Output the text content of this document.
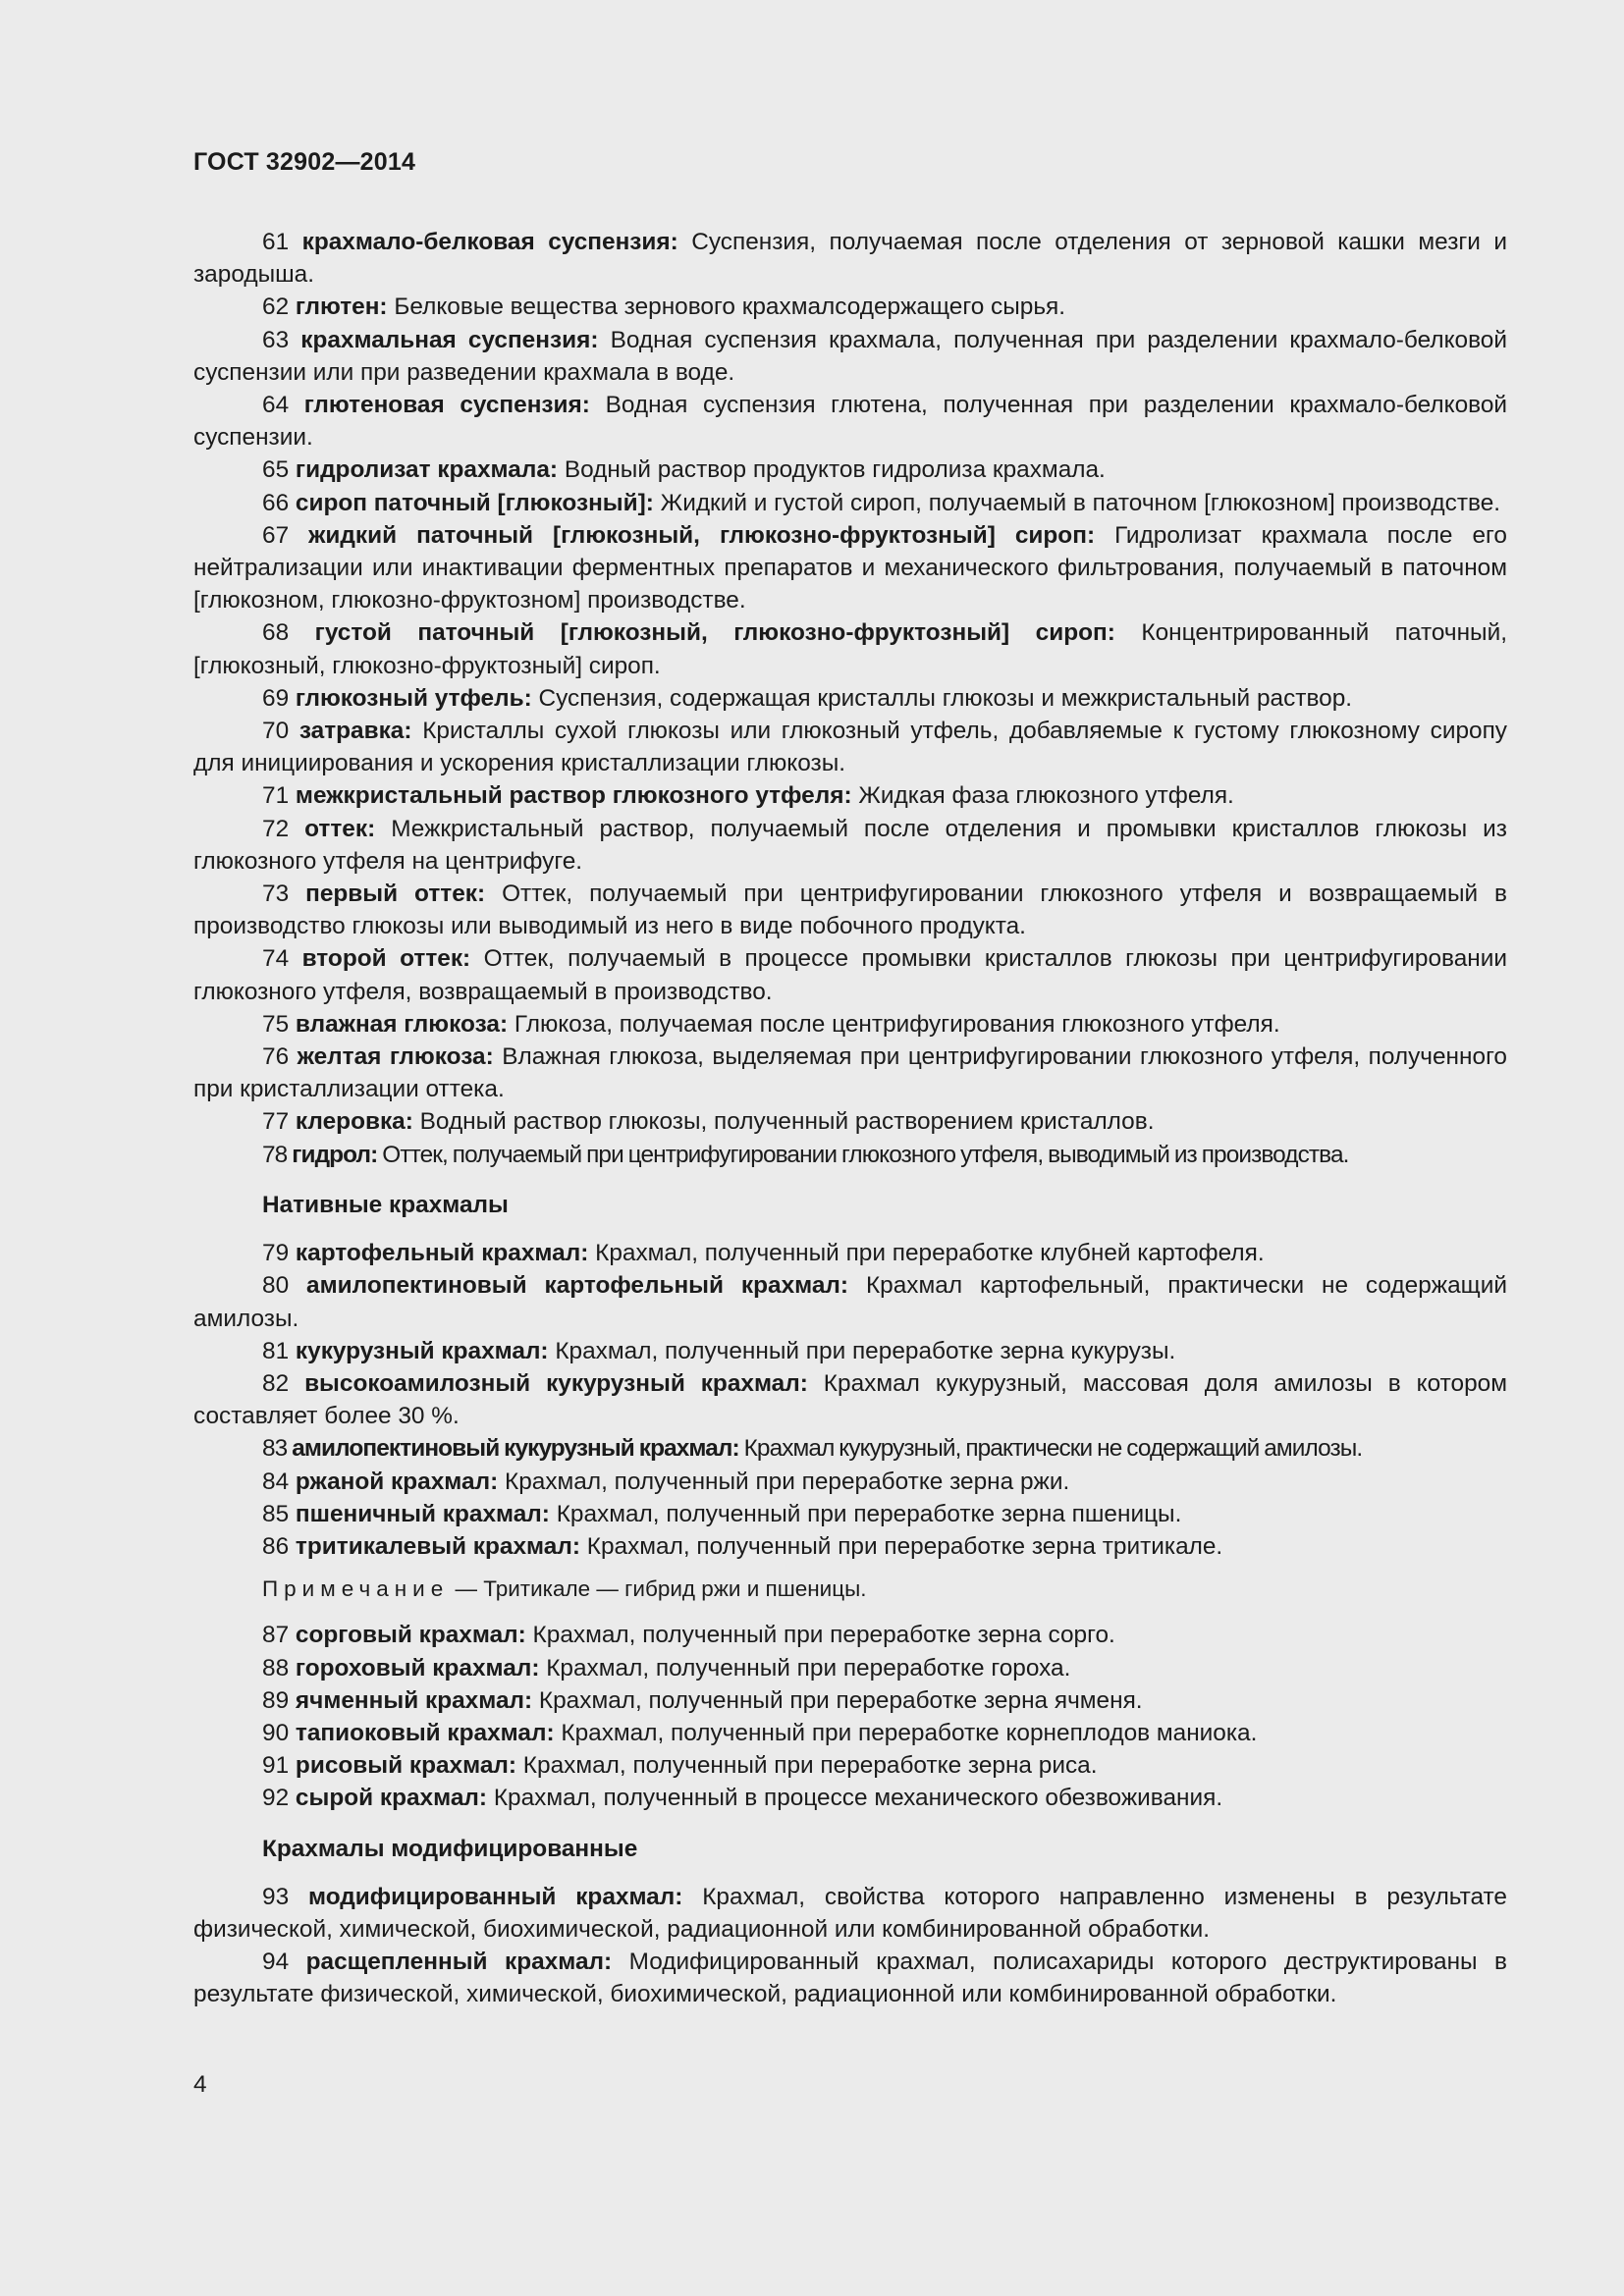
ГОСТ 32902—2014

61 крахмало-белковая суспензия: Суспензия, получаемая после отделения от зерновой кашки мезги и зародыша.

62 глютен: Белковые вещества зернового крахмалсодержащего сырья.

63 крахмальная суспензия: Водная суспензия крахмала, полученная при разделении крахмало-белковой суспензии или при разведении крахмала в воде.

64 глютеновая суспензия: Водная суспензия глютена, полученная при разделении крахмало-белковой суспензии.

65 гидролизат крахмала: Водный раствор продуктов гидролиза крахмала.

66 сироп паточный [глюкозный]: Жидкий и густой сироп, получаемый в паточном [глюкозном] производстве.

67 жидкий паточный [глюкозный, глюкозно-фруктозный] сироп: Гидролизат крахмала после его нейтрализации или инактивации ферментных препаратов и механического фильтрования, получаемый в паточном [глюкозном, глюкозно-фруктозном] производстве.

68 густой паточный [глюкозный, глюкозно-фруктозный] сироп: Концентрированный паточный, [глюкозный, глюкозно-фруктозный] сироп.

69 глюкозный утфель: Суспензия, содержащая кристаллы глюкозы и межкристальный раствор.

70 затравка: Кристаллы сухой глюкозы или глюкозный утфель, добавляемые к густому глюкозному сиропу для инициирования и ускорения кристаллизации глюкозы.

71 межкристальный раствор глюкозного утфеля: Жидкая фаза глюкозного утфеля.

72 оттек: Межкристальный раствор, получаемый после отделения и промывки кристаллов глюкозы из глюкозного утфеля на центрифуге.

73 первый оттек: Оттек, получаемый при центрифугировании глюкозного утфеля и возвращаемый в производство глюкозы или выводимый из него в виде побочного продукта.

74 второй оттек: Оттек, получаемый в процессе промывки кристаллов глюкозы при центрифугировании глюкозного утфеля, возвращаемый в производство.

75 влажная глюкоза: Глюкоза, получаемая после центрифугирования глюкозного утфеля.

76 желтая глюкоза: Влажная глюкоза, выделяемая при центрифугировании глюкозного утфеля, полученного при кристаллизации оттека.

77 клеровка: Водный раствор глюкозы, полученный растворением кристаллов.

78 гидрол: Оттек, получаемый при центрифугировании глюкозного утфеля, выводимый из производства.

Нативные крахмалы

79 картофельный крахмал: Крахмал, полученный при переработке клубней картофеля.

80 амилопектиновый картофельный крахмал: Крахмал картофельный, практически не содержащий амилозы.

81 кукурузный крахмал: Крахмал, полученный при переработке зерна кукурузы.

82 высокоамилозный кукурузный крахмал: Крахмал кукурузный, массовая доля амилозы в котором составляет более 30 %.

83 амилопектиновый кукурузный крахмал: Крахмал кукурузный, практически не содержащий амилозы.

84 ржаной крахмал: Крахмал, полученный при переработке зерна ржи.

85 пшеничный крахмал: Крахмал, полученный при переработке зерна пшеницы.

86 тритикалевый крахмал: Крахмал, полученный при переработке зерна тритикале.

Примечание — Тритикале — гибрид ржи и пшеницы.

87 сорговый крахмал: Крахмал, полученный при переработке зерна сорго.

88 гороховый крахмал: Крахмал, полученный при переработке гороха.

89 ячменный крахмал: Крахмал, полученный при переработке зерна ячменя.

90 тапиоковый крахмал: Крахмал, полученный при переработке корнеплодов маниока.

91 рисовый крахмал: Крахмал, полученный при переработке зерна риса.

92 сырой крахмал: Крахмал, полученный в процессе механического обезвоживания.

Крахмалы модифицированные

93 модифицированный крахмал: Крахмал, свойства которого направленно изменены в результате физической, химической, биохимической, радиационной или комбинированной обработки.

94 расщепленный крахмал: Модифицированный крахмал, полисахариды которого деструктированы в результате физической, химической, биохимической, радиационной или комбинированной обработки.

4
